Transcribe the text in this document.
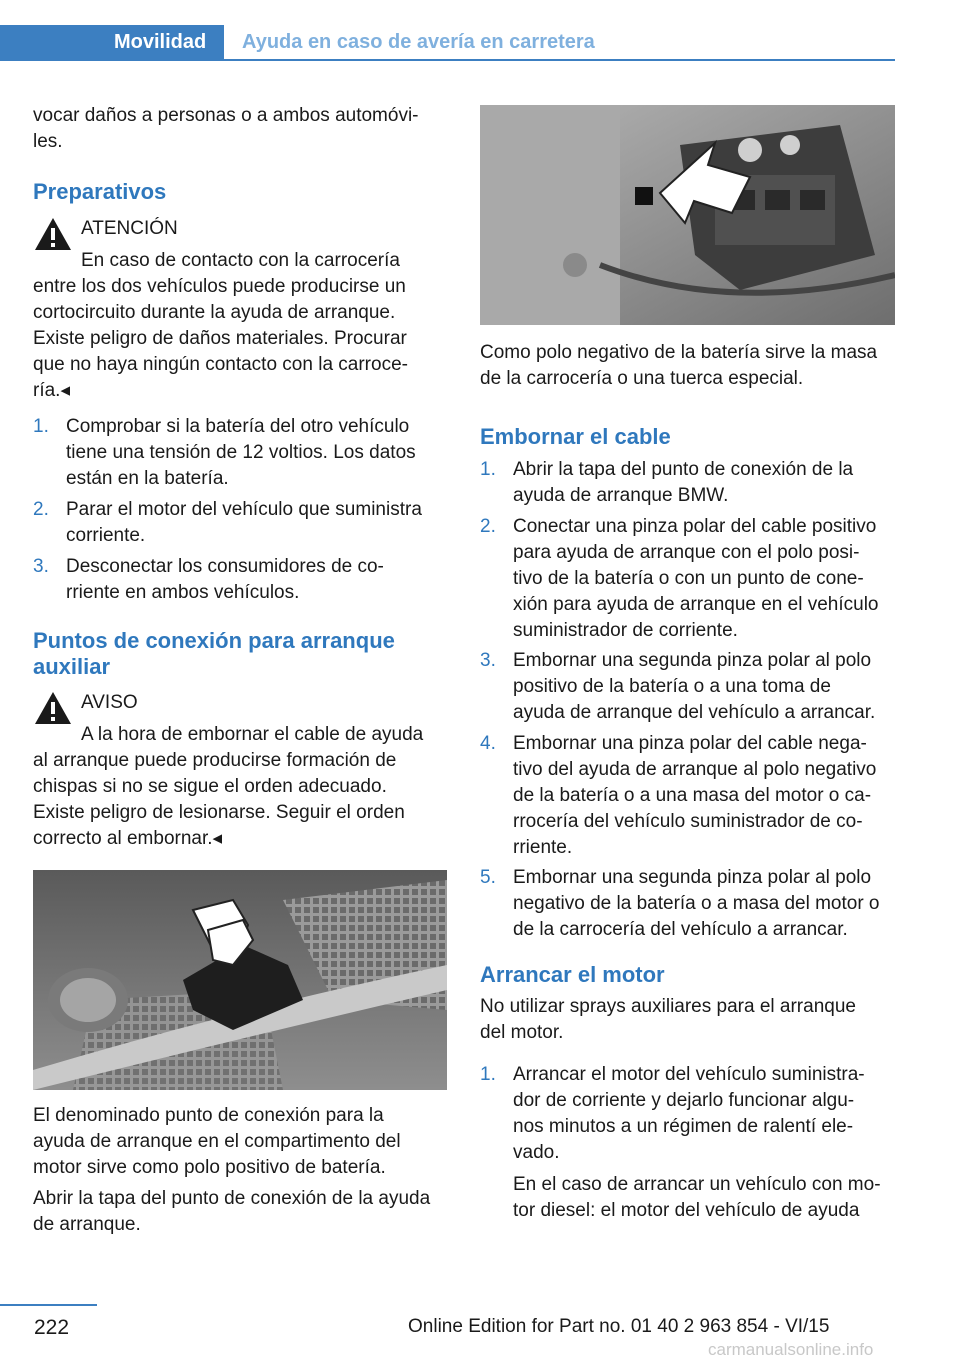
Movilidad Ayuda en caso de avería en carretera
vocar daños a personas o a ambos automóvi-
les.
Preparativos
ATENCIÓN
En caso de contacto con la carrocería
entre los dos vehículos puede producirse un
cortocircuito durante la ayuda de arranque.
Existe peligro de daños materiales. Procurar
que no haya ningún contacto con la carroce-
ría.◂
1. Comprobar si la batería del otro vehículo
tiene una tensión de 12 voltios. Los datos
están en la batería.
2. Parar el motor del vehículo que suministra
corriente.
3. Desconectar los consumidores de co-
rriente en ambos vehículos.
Puntos de conexión para arranque
auxiliar
AVISO
A la hora de embornar el cable de ayuda
al arranque puede producirse formación de
chispas si no se sigue el orden adecuado.
Existe peligro de lesionarse. Seguir el orden
correcto al embornar.◂
El denominado punto de conexión para la
ayuda de arranque en el compartimento del
motor sirve como polo positivo de batería.
Abrir la tapa del punto de conexión de la ayuda
de arranque.
Como polo negativo de la batería sirve la masa
de la carrocería o una tuerca especial.
Embornar el cable
1. Abrir la tapa del punto de conexión de la
ayuda de arranque BMW.
2. Conectar una pinza polar del cable positivo
para ayuda de arranque con el polo posi-
tivo de la batería o con un punto de cone-
xión para ayuda de arranque en el vehículo
suministrador de corriente.
3. Embornar una segunda pinza polar al polo
positivo de la batería o a una toma de
ayuda de arranque del vehículo a arrancar.
4. Embornar una pinza polar del cable nega-
tivo del ayuda de arranque al polo negativo
de la batería o a una masa del motor o ca-
rrocería del vehículo suministrador de co-
rriente.
5. Embornar una segunda pinza polar al polo
negativo de la batería o a masa del motor o
de la carrocería del vehículo a arrancar.
Arrancar el motor
No utilizar sprays auxiliares para el arranque
del motor.
1. Arrancar el motor del vehículo suministra-
dor de corriente y dejarlo funcionar algu-
nos minutos a un régimen de ralentí ele-
vado.
En el caso de arrancar un vehículo con mo-
tor diesel: el motor del vehículo de ayuda
222	Online Edition for Part no. 01 40 2 963 854 - VI/15
carmanualsonline.info
